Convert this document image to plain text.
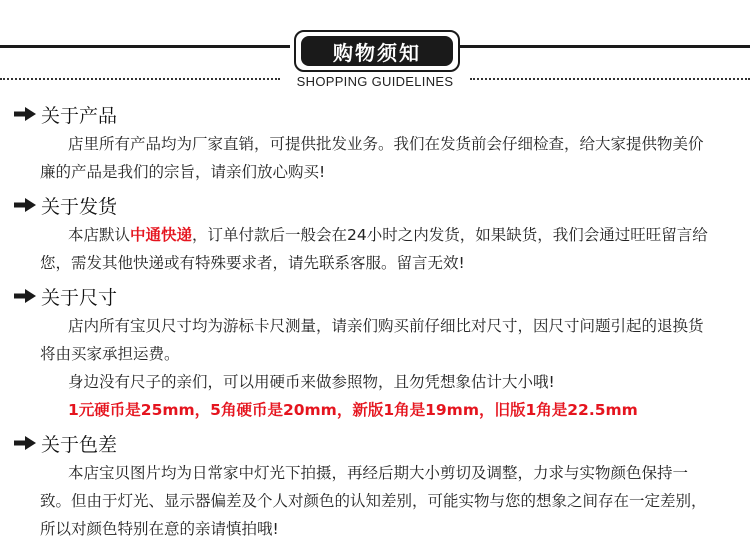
购物须知
SHOPPING GUIDELINES
关于产品
店里所有产品均为厂家直销，可提供批发业务。我们在发货前会仔细检查，给大家提供物美价廉的产品是我们的宗旨，请亲们放心购买!
关于发货
本店默认中通快递，订单付款后一般会在24小时之内发货，如果缺货，我们会通过旺旺留言给您，需发其他快递或有特殊要求者，请先联系客服。留言无效!
关于尺寸
店内所有宝贝尺寸均为游标卡尺测量，请亲们购买前仔细比对尺寸，因尺寸问题引起的退换货将由买家承担运费。
身边没有尺子的亲们，可以用硬币来做参照物，且勿凭想象估计大小哦!
1元硬币是25mm，5角硬币是20mm，新版1角是19mm，旧版1角是22.5mm
关于色差
本店宝贝图片均为日常家中灯光下拍摄，再经后期大小剪切及调整，力求与实物颜色保持一致。但由于灯光、显示器偏差及个人对颜色的认知差别，可能实物与您的想象之间存在一定差别，所以对颜色特别在意的亲请慎拍哦!
